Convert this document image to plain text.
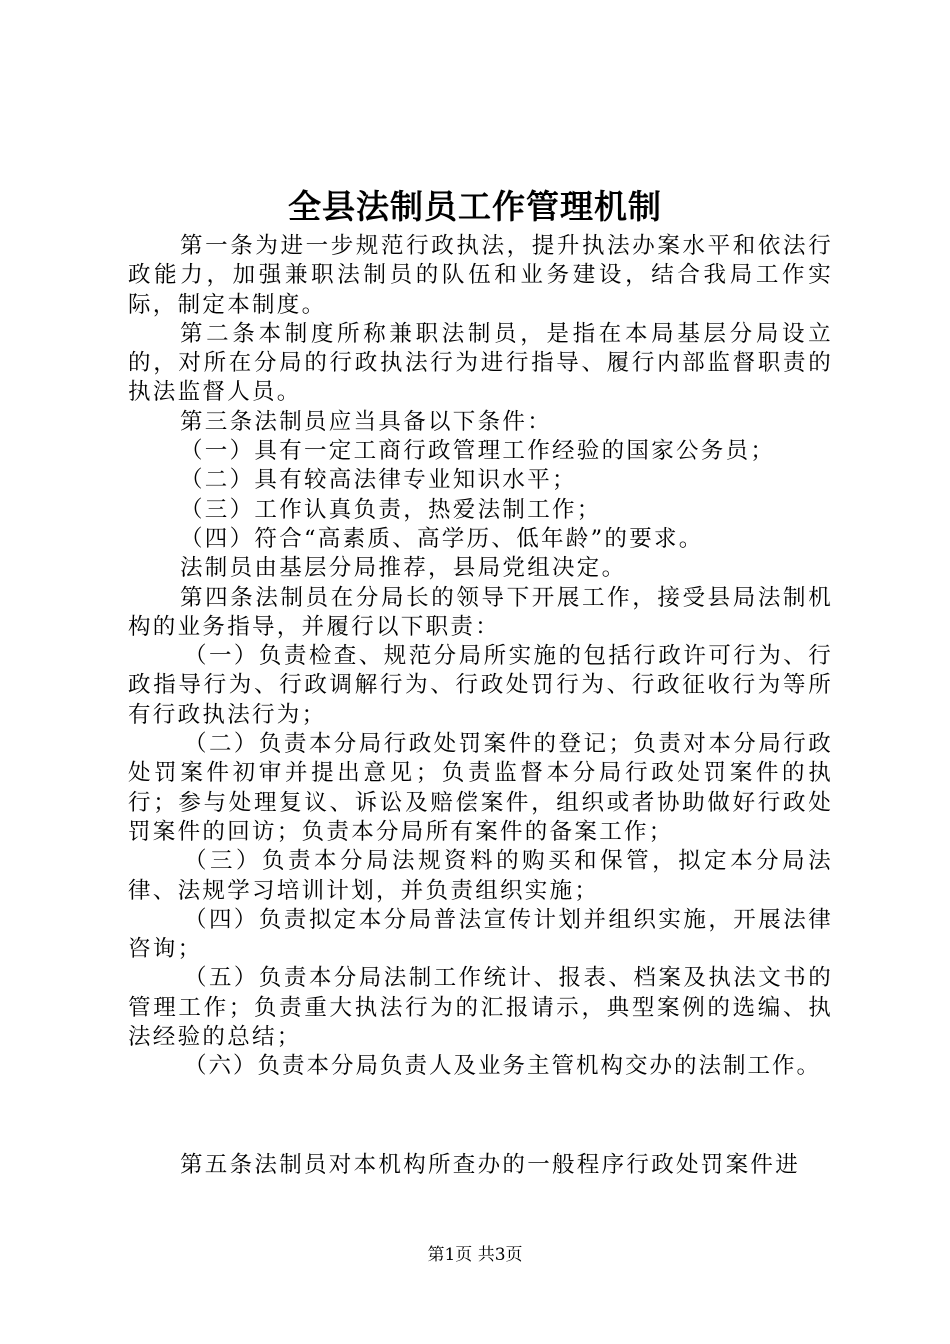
全县法制员工作管理机制

第一条为进一步规范行政执法，提升执法办案水平和依法行政能力，加强兼职法制员的队伍和业务建设，结合我局工作实际，制定本制度。

第二条本制度所称兼职法制员，是指在本局基层分局设立的，对所在分局的行政执法行为进行指导、履行内部监督职责的执法监督人员。

第三条法制员应当具备以下条件：

（一）具有一定工商行政管理工作经验的国家公务员；

（二）具有较高法律专业知识水平；

（三）工作认真负责，热爱法制工作；

（四）符合“高素质、高学历、低年龄”的要求。

法制员由基层分局推荐，县局党组决定。

第四条法制员在分局长的领导下开展工作，接受县局法制机构的业务指导，并履行以下职责：

（一）负责检查、规范分局所实施的包括行政许可行为、行政指导行为、行政调解行为、行政处罚行为、行政征收行为等所有行政执法行为；

（二）负责本分局行政处罚案件的登记；负责对本分局行政处罚案件初审并提出意见；负责监督本分局行政处罚案件的执行；参与处理复议、诉讼及赔偿案件，组织或者协助做好行政处罚案件的回访；负责本分局所有案件的备案工作；

（三）负责本分局法规资料的购买和保管，拟定本分局法律、法规学习培训计划，并负责组织实施；

（四）负责拟定本分局普法宣传计划并组织实施，开展法律咨询；

（五）负责本分局法制工作统计、报表、档案及执法文书的管理工作；负责重大执法行为的汇报请示，典型案例的选编、执法经验的总结；

（六）负责本分局负责人及业务主管机构交办的法制工作。

第五条法制员对本机构所查办的一般程序行政处罚案件进

第1页 共3页
